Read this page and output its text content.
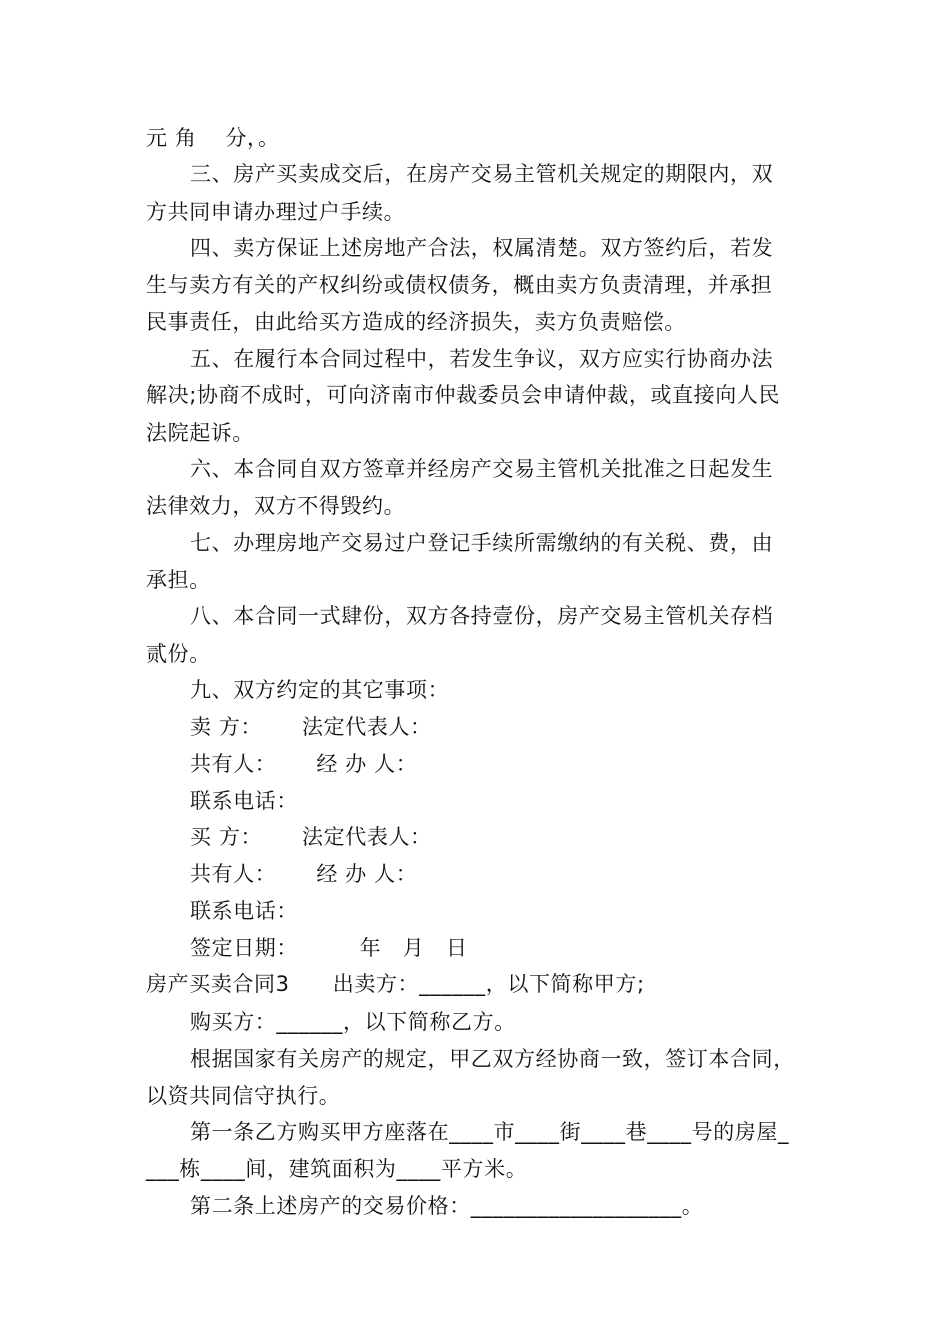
元 角　 分，。
三、房产买卖成交后，在房产交易主管机关规定的期限内，双
方共同申请办理过户手续。
四、卖方保证上述房地产合法，权属清楚。双方签约后，若发
生与卖方有关的产权纠纷或债权债务，概由卖方负责清理，并承担
民事责任，由此给买方造成的经济损失，卖方负责赔偿。
五、在履行本合同过程中，若发生争议，双方应实行协商办法
解决;协商不成时，可向济南市仲裁委员会申请仲裁，或直接向人民
法院起诉。
六、本合同自双方签章并经房产交易主管机关批准之日起发生
法律效力，双方不得毁约。
七、办理房地产交易过户登记手续所需缴纳的有关税、费，由
承担。
八、本合同一式肆份，双方各持壹份，房产交易主管机关存档
贰份。
九、双方约定的其它事项：
卖 方：　　 法定代表人：
共有人：　　 经 办 人：
联系电话：
买 方：　　 法定代表人：
共有人：　　 经 办 人：
联系电话：
签定日期：　　　 年　月　日
房产买卖合同3　　出卖方：______，以下简称甲方;
购买方：______，以下简称乙方。
根据国家有关房产的规定，甲乙双方经协商一致，签订本合同，
以资共同信守执行。
第一条乙方购买甲方座落在____市____街____巷____号的房屋_
___栋____间，建筑面积为____平方米。
第二条上述房产的交易价格：___________________。
